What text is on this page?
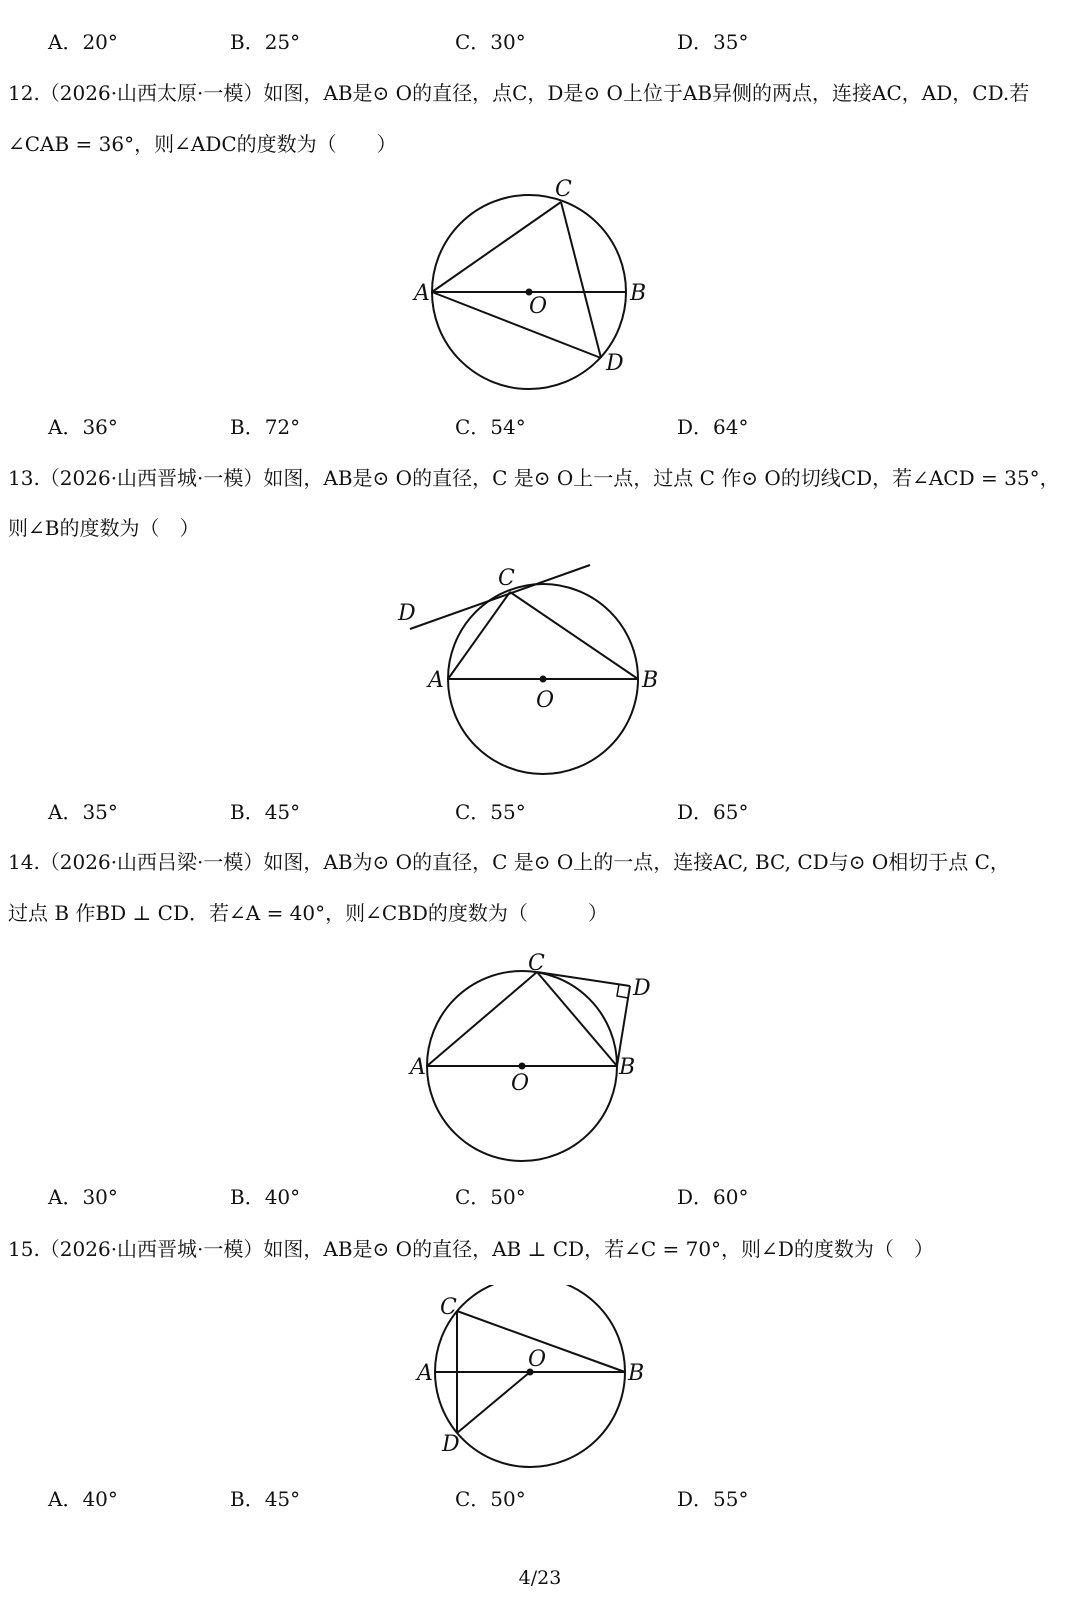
A．20°	B．25°	C．30°	D．35°
12.（2026·山西太原·一模）如图，AB是⊙ O的直径，点C，D是⊙ O上位于AB异侧的两点，连接AC，AD，CD.若
∠CAB = 36°，则∠ADC的度数为（　　）
A	B
C
D
O
A．36°	B．72°	C．54°	D．64°
13.（2026·山西晋城·一模）如图，AB是⊙ O的直径，C 是⊙ O上一点，过点 C 作⊙ O的切线CD，若∠ACD = 35°，
则∠B的度数为（　）
A	B
C
D
O
A．35°	B．45°	C．55°	D．65°
14.（2026·山西吕梁·一模）如图，AB为⊙ O的直径，C 是⊙ O上的一点，连接AC, BC, CD与⊙ O相切于点 C，
过点 B 作BD ⊥ CD．若∠A = 40°，则∠CBD的度数为（　　　）
A	B
C
D
O
A．30°	B．40°	C．50°	D．60°
15.（2026·山西晋城·一模）如图，AB是⊙ O的直径，AB ⊥ CD，若∠C = 70°，则∠D的度数为（　）
A	B
C
D
O
A．40°	B．45°	C．50°	D．55°
4/23
